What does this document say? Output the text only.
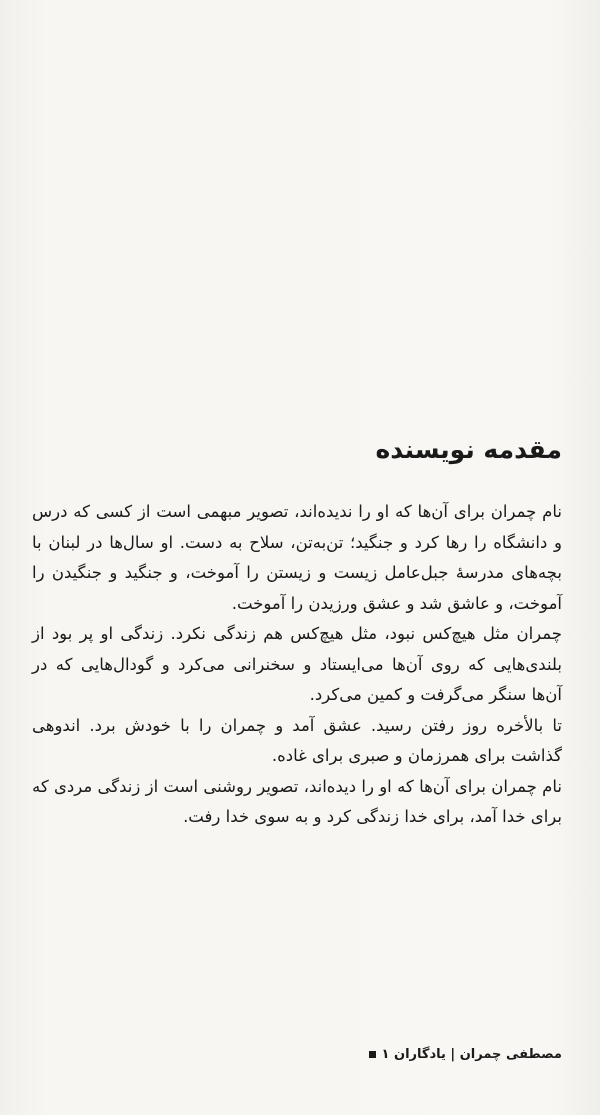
مقدمه نویسنده

نام چمران برای آن‌ها که او را ندیده‌اند، تصویر مبهمی است از کسی که درس و دانشگاه را رها کرد و جنگید؛ تن‌به‌تن، سلاح به دست. او سال‌ها در لبنان با بچه‌های مدرسهٔ جبل‌عامل زیست و زیستن را آموخت، و جنگید و جنگیدن را آموخت، و عاشق شد و عشق ورزیدن را آموخت.

چمران مثل هیچ‌کس نبود، مثل هیچ‌کس هم زندگی نکرد. زندگی او پر بود از بلندی‌هایی که روی آن‌ها می‌ایستاد و سخنرانی می‌کرد و گودال‌هایی که در آن‌ها سنگر می‌گرفت و کمین می‌کرد.

تا بالأخره روز رفتن رسید. عشق آمد و چمران را با خودش برد. اندوهی گذاشت برای همرزمان و صبری برای غاده.

نام چمران برای آن‌ها که او را دیده‌اند، تصویر روشنی است از زندگی مردی که برای خدا آمد، برای خدا زندگی کرد و به سوی خدا رفت.

مصطفی چمران | یادگاران ۱
